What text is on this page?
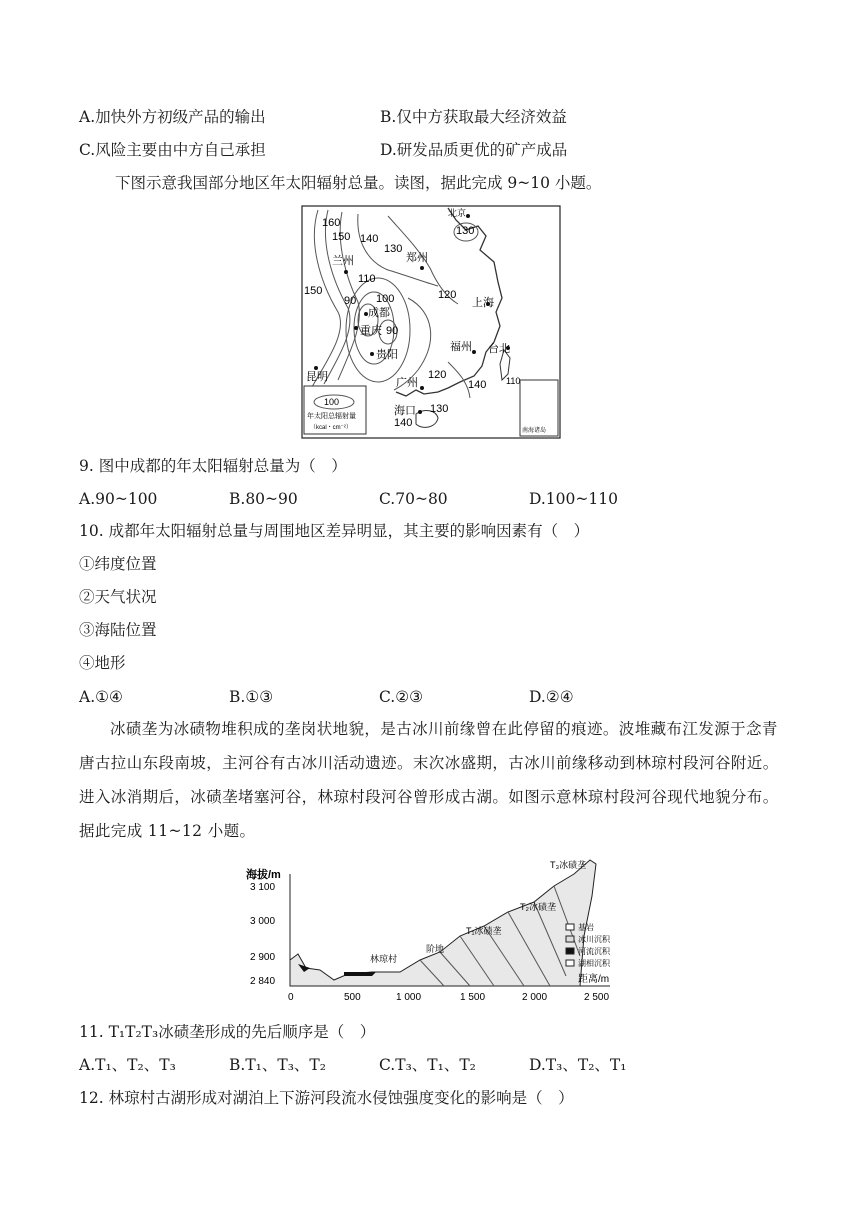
A.加快外方初级产品的输出	B.仅中方获取最大经济效益
C.风险主要由中方自己承担	D.研发品质更优的矿产成品
下图示意我国部分地区年太阳辐射总量。读图，据此完成 9~10 小题。
100
年太阳总辐射量
（kcal・cm⁻²）	南海诸岛
北京
兰州	郑州
上海
成都
重庆
贵阳
福州 台北
昆明	广州
海口
160
150 140
130
130
110
100
90
90
120
150
120
140 110
130
140
9. 图中成都的年太阳辐射总量为（　）
A.90~100	B.80~90	C.70~80	D.100~110
10. 成都年太阳辐射总量与周围地区差异明显，其主要的影响因素有（　）
①纬度位置
②天气状况
③海陆位置
④地形
A.①④	B.①③	C.②③	D.②④
冰碛垄为冰碛物堆积成的垄岗状地貌，是古冰川前缘曾在此停留的痕迹。波堆藏布江发源于念青唐古拉山东段南坡，主河谷有古冰川活动遗迹。末次冰盛期，古冰川前缘移动到林琼村段河谷附近。进入冰消期后，冰碛垄堵塞河谷，林琼村段河谷曾形成古湖。如图示意林琼村段河谷现代地貌分布。据此完成 11~12 小题。
海拔/m
3 100
3 000
2 900
2 840
T₃冰碛垄
T₂冰碛垄
T₁冰碛垄
林琼村
阶地
基岩
冰川沉积
河流沉积
湖相沉积
距离/m
0	500	1 000	1 500	2 000	2 500
11. T₁T₂T₃冰碛垄形成的先后顺序是（　）
A.T₁、T₂、T₃	B.T₁、T₃、T₂	C.T₃、T₁、T₂	D.T₃、T₂、T₁
12. 林琼村古湖形成对湖泊上下游河段流水侵蚀强度变化的影响是（　）
